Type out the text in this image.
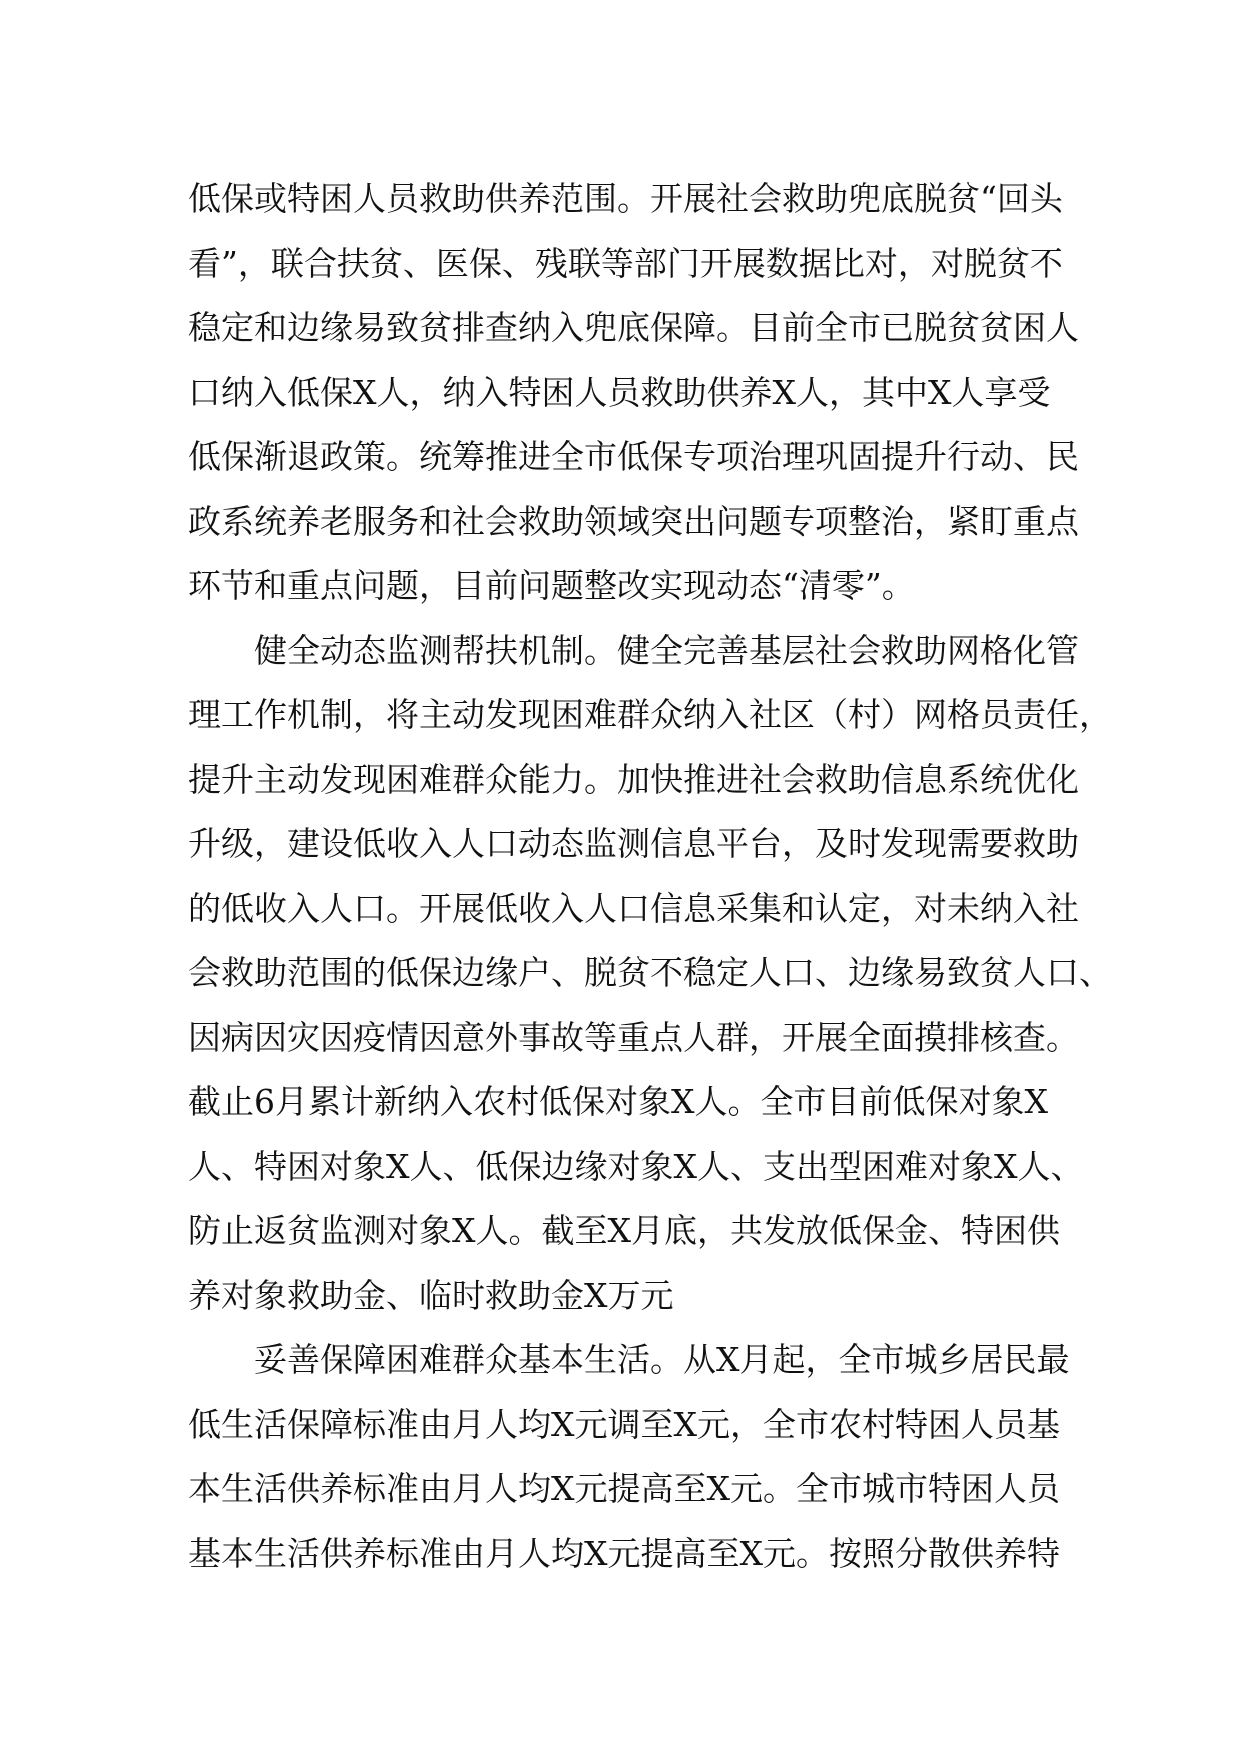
低保或特困人员救助供养范围。开展社会救助兜底脱贫“回头
看”，联合扶贫、医保、残联等部门开展数据比对，对脱贫不
稳定和边缘易致贫排查纳入兜底保障。目前全市已脱贫贫困人
口纳入低保X人，纳入特困人员救助供养X人，其中X人享受
低保渐退政策。统筹推进全市低保专项治理巩固提升行动、民
政系统养老服务和社会救助领域突出问题专项整治，紧盯重点
环节和重点问题，目前问题整改实现动态“清零”。
　　健全动态监测帮扶机制。健全完善基层社会救助网格化管
理工作机制，将主动发现困难群众纳入社区（村）网格员责任，
提升主动发现困难群众能力。加快推进社会救助信息系统优化
升级，建设低收入人口动态监测信息平台，及时发现需要救助
的低收入人口。开展低收入人口信息采集和认定，对未纳入社
会救助范围的低保边缘户、脱贫不稳定人口、边缘易致贫人口、
因病因灾因疫情因意外事故等重点人群，开展全面摸排核查。
截止6月累计新纳入农村低保对象X人。全市目前低保对象X
人、特困对象X人、低保边缘对象X人、支出型困难对象X人、
防止返贫监测对象X人。截至X月底，共发放低保金、特困供
养对象救助金、临时救助金X万元
　　妥善保障困难群众基本生活。从X月起，全市城乡居民最
低生活保障标准由月人均X元调至X元，全市农村特困人员基
本生活供养标准由月人均X元提高至X元。全市城市特困人员
基本生活供养标准由月人均X元提高至X元。按照分散供养特
